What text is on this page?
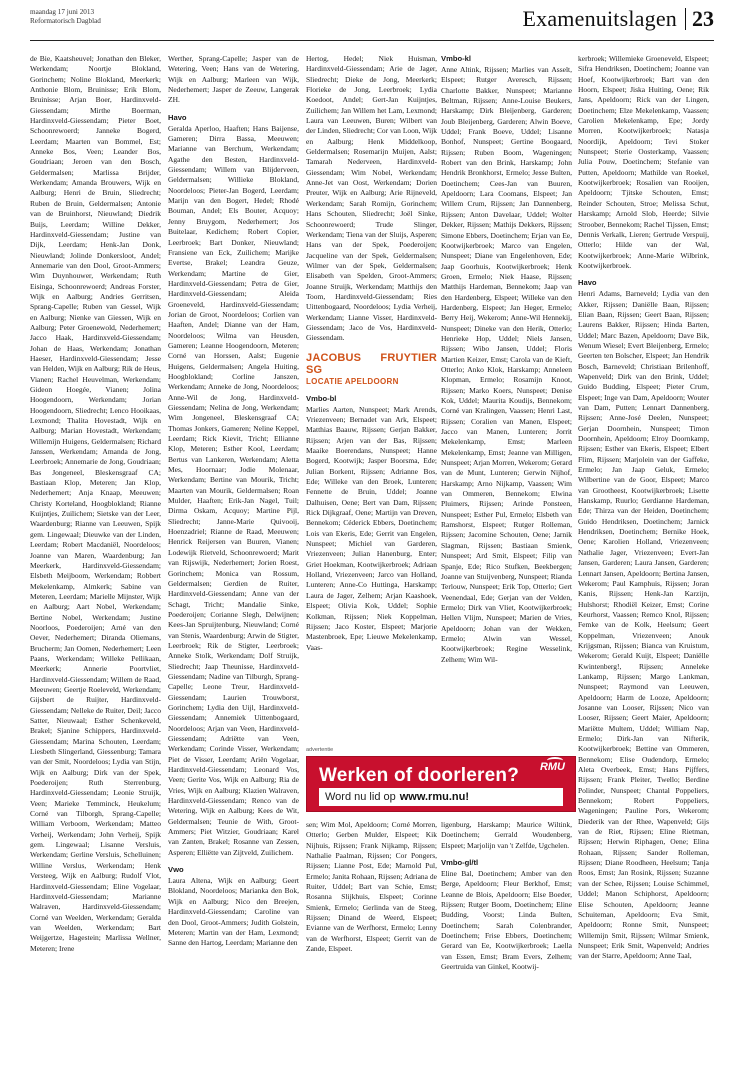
maandag 17 juni 2013
Reformatorisch Dagblad	Examenuitslagen 23

de Bie, Kaatsheuvel; Jonathan den Bleker, Werkendam; Noortje Blokland, Gorinchem; Noline Blokland, Meerkerk; Anthonie Blom, Bruinisse; Erik Blom, Bruinisse; Arjan Boer, Hardinxveld-Giessendam; Mirthe Boerman, Hardinxveld-Giessendam; Pieter Boet, Schoonrewoerd; Janneke Bogerd, Leerdam; Maarten van Bommel, Est; Anneke Bos, Veen; Leander Bos, Goudriaan; Jeroen van den Bosch, Geldermalsen; Marlissa Brijder, Werkendam; Amanda Brouwers, Wijk en Aalburg; Henri de Bruin, Sliedrecht; Ruben de Bruin, Geldermalsen; Antonie van de Bruinhorst, Nieuwland; Diedrik Buijs, Leerdam; Willine Dekker, Hardinxveld-Giessendam; Justine van Dijk, Leerdam; Henk-Jan Donk, Nieuwland; Jolinde Donkersloot, Andel; Annemarie van den Dool, Groot-Ammers; Wim Duynhouwer, Werkendam; Ruth Eisinga, Schoonrewoerd; Andreas Forster, Wijk en Aalburg; Andries Gerritsen, Sprang-Capelle; Ruben van Gessel, Wijk en Aalburg; Nienke van Giessen, Wijk en Aalburg; Peter Groenewold, Nederhemert; Jacco Haak, Hardinxveld-Giessendam; Johan de Haas, Werkendam; Jonathan Haeser, Hardinxveld-Giessendam; Jesse van Helden, Wijk en Aalburg; Rik de Heus, Vianen; Rachel Heuvelman, Werkendam; Gideon Hoegée, Vianen; Jolina Hoogendoorn, Werkendam; Jorian Hoogendoorn, Sliedrecht; Lenco Hooikaas, Lexmond; Thalita Hovestadt, Wijk en Aalburg; Marian Hovestadt, Werkendam; Willemijn Huigens, Geldermalsen; Richard Janssen, Werkendam; Amanda de Jong, Leerbroek; Annemarie de Jong, Goudriaan; Bas Jongeneel, Bleskensgraaf CA; Bastiaan Klop, Meteren; Jan Klop, Nederhemert; Anja Knaap, Meeuwen; Christy Korteland, Hoogblokland; Rianne Kuijntjes, Zuilichem; Sietske van der Leer, Waardenburg; Rianne van Leeuwen, Spijk gem. Lingewaal; Dieuwke van der Linden, Leerdam; Robert Macdaniël, Noordeloos; Joanne van Maren, Waardenburg; Jan Meerkerk, Hardinxveld-Giessendam; Elsbeth Meijboom, Werkendam; Robbert Mekelenkamp, Almkerk; Sabine van Meteren, Leerdam; Marielle Mijnster, Wijk en Aalburg; Aart Nobel, Werkendam; Bertine Nobel, Werkendam; Justine Noorloos, Poederoijen; Arné van den Oever, Nederhemert; Diranda Oliemans, Brucherm; Jan Oomen, Nederhemert; Leen Paans, Werkendam; Willeke Pellikaan, Meerkerk; Annerie Poortvliet, Hardinxveld-Giessendam; Willem de Raad, Meeuwen; Geertje Roeleveld, Werkendam; Gijsbert de Ruijter, Hardinxveld-Giessendam; Nelleke de Ruiter, Deil; Jacco Satter, Nieuwaal; Esther Schenkeveld, Brakel; Sjanine Schippers, Hardinxveld-Giessendam; Marina Schouten, Leerdam; Liesbeth Slingerland, Giessenburg; Tamara van der Smit, Noordeloos; Lydia van Stijn, Wijk en Aalburg; Dirk van der Spek, Poederoijen; Ruth Sterrenburg, Hardinxveld-Giessendam; Leonie Struijk, Veen; Marieke Temminck, Heukelum; Corné van Tilborgh, Sprang-Capelle; William Verboom, Werkendam; Matteo Verheij, Werkendam; John Verheij, Spijk gem. Lingewaal; Lisanne Versluis, Werkendam; Gerline Versluis, Schelluinen; Willine Verslus, Werkendam; Henk Versteeg, Wijk en Aalburg; Rudolf Vlot, Hardinxveld-Giessendam; Eline Vogelaar, Hardinxveld-Giessendam; Marianne Walraven, Hardinxveld-Giessendam; Corné van Weelden, Werkendam; Geralda van Weelden, Werkendam; Bart Weijgertze, Hagestein; Marlissa Wellner, Meteren; Irene

Werther, Sprang-Capelle; Jasper van de Wetering, Veen; Hans van de Wetering, Wijk en Aalburg; Marleen van Wijk, Nederhemert; Jasper de Zeeuw, Langerak ZH.

Havo

Geralda Aperloo, Haaften; Hans Baijense, Gameren; Dirra Bassa, Meeuwen; Marianne van Berchum, Werkendam; Agathe den Besten, Hardinxveld-Giessendam; Willem van Blijderveen, Geldermalsen; Willieke Blokland, Noordeloos; Pieter-Jan Bogerd, Leerdam; Marijn van den Bogert, Hedel; Rhodé Bouman, Andel; Els Bouter, Acquoy; Jenny Bruygom, Nederhemert; Jos Buitelaar, Kedichem; Robert Copier, Leerbroek; Bart Donker, Nieuwland; Fransiene van Eck, Zuilichem; Marijke Evertse, Brakel; Leandra Geuze, Werkendam; Martine de Gier, Hardinxveld-Giessendam; Petra de Gier, Hardinxveld-Giessendam; Aleida Groeneveld, Hardinxveld-Giessendam; Jorian de Groot, Noordeloos; Corlien van Haaften, Andel; Dianne van der Ham, Noordeloos; Wilma van Heusden, Gameren; Leanne Hoogendoorn, Meteren; Corné van Horssen, Aalst; Eugenie Huigens, Geldermalsen; Angela Huiting, Hoogblokland; Corline Janszen, Werkendam; Anneke de Jong, Noordeloos; Anne-Wil de Jong, Hardinxveld-Giessendam; Nelina de Jong, Werkendam; Wim Jongeneel, Bleskensgraaf CA; Thomas Jonkers, Gameren; Neline Keppel, Leerdam; Rick Kievit, Tricht; Ellianne Klop, Meteren; Esther Kool, Leerdam; Bertus van Lankeren, Werkendam; Aletta Mes, Hoornaar; Jodie Molenaar, Werkendam; Bertine van Mourik, Tricht; Maarten van Mourik, Geldermalsen; Roan Mulder, Haaften; Erik-Jan Nagel, Tuil; Dirma Oskam, Acquoy; Martine Pijl, Sliedrecht; Janne-Marie Quivooij, Hoenzadriel; Rianne de Raad, Meeuwen; Henrick Reijersen van Buuren, Vianen; Lodewijk Rietveld, Schoonrewoerd; Marit van Rijswijk, Nederhemert; Jorien Roest, Gorinchem; Monica van Rossum, Geldermalsen; Gerdien de Ruiter, Hardinxveld-Giessendam; Anne van der Schagt, Tricht; Mandalie Sinke, Poederoijen; Corianne Slegh, Delwijnen; Kees-Jan Spruijtenburg, Nieuwland; Corné van Stenis, Waardenburg; Arwin de Stigter, Leerbroek; Rik de Stigter, Leerbroek; Anneke Stolk, Werkendam; Dolf Struijk, Sliedrecht; Jaap Theunisse, Hardinxveld-Giessendam; Nadine van Tilburgh, Sprang-Capelle; Leone Treur, Hardinxveld-Giessendam; Laurien Trouwborst, Gorinchem; Lydia den Uijl, Hardinxveld-Giessendam; Annemiek Uittenbogaard, Noordeloos; Arjan van Veen, Hardinxveld-Giessendam; Adriëtte van Veen, Werkendam; Corinde Visser, Werkendam; Piet de Visser, Leerdam; Ariën Vogelaar, Hardinxveld-Giessendam; Leonard Vos, Veen; Gerite Vos, Wijk en Aalburg; Ria de Vries, Wijk en Aalburg; Klazien Walraven, Hardinxveld-Giessendam; Renco van de Wetering, Wijk en Aalburg; Kees de Wit, Geldermalsen; Teunie de With, Groot-Ammers; Piet Witzier, Goudriaan; Karel van Zanten, Brakel; Rosanne van Zessen, Asperen; Elliëtte van Zijtveld, Zuilichem.

Vwo

Laura Altena, Wijk en Aalburg; Geert Blokland, Noordeloos; Marianka den Bok, Wijk en Aalburg; Nico den Breejen, Hardinxveld-Giessendam; Caroline van den Dool, Groot-Ammers; Judith Golstein, Meteren; Martin van der Ham, Lexmond; Sanne den Hartog, Leerdam; Marianne den

Hertog, Hedel; Niek Huisman, Hardinxveld-Giessendam; Arie de Jager, Sliedrecht; Dieke de Jong, Meerkerk; Florieke de Jong, Leerbroek; Lydia Koedoot, Andel; Gert-Jan Kuijntjes, Zuilichem; Jan Willem het Lam, Lexmond; Laura van Leeuwen, Buren; Wilbert van der Linden, Sliedrecht; Cor van Loon, Wijk en Aalburg; Henk Middelkoop, Geldermalsen; Rosemarijn Muijen, Aalst; Tamarah Nederveen, Hardinxveld-Giessendam; Wim Nobel, Werkendam; Anne-Jet van Oost, Werkendam; Dorien Preuter, Wijk en Aalburg; Arie Rijneveld, Werkendam; Sarah Romijn, Gorinchem; Hans Schouten, Sliedrecht; Joël Sinke, Schoonrewoerd; Trude Slinger, Werkendam; Tiena van der Sluijs, Asperen; Hans van der Spek, Poederoijen; Jacqueline van der Spek, Geldermalsen; Wilmer van der Spek, Geldermalsen; Elisabeth van Spelden, Groot-Ammers; Joanne Struijk, Werkendam; Matthijs den Toom, Hardinxveld-Giessendam; Ries Uittenbogaard, Noordeloos; Lydia Verheij, Werkendam; Lianne Visser, Hardinxveld-Giessendam; Jaco de Vos, Hardinxveld-Giessendam.

JACOBUS FRUYTIER SG
LOCATIE APELDOORN
Vmbo-bl

Marlies Aarten, Nunspeet; Mark Arends, Vriezenveen; Bernadet van Ark, Elspeet; Matthias Baauw, Rijssen; Gerjan Bakker, Rijssen; Arjen van der Bas, Rijssen; Maaike Boerendans, Nunspeet; Hanne Bogerd, Kootwijk; Jasper Boorsma, Ede; Julian Borkent, Rijssen; Adrianne Bos, Ede; Willeke van den Broek, Lunteren; Fennette de Bruin, Uddel; Joanne Dalhuisen, Oene; Bert van Dam, Rijssen; Rick Dijkgraaf, Oene; Martijn van Dreven, Bennekom; Céderick Ebbers, Doetinchem; Lois van Ekeris, Ede; Gerrit van Engelen, Nunspeet; Michiel van Garderen, Vriezenveen; Julian Hanenburg, Enter; Griet Hoekman, Kootwijkerbroek; Adriaan Holland, Vriezenveen; Jarco van Holland, Lunteren; Anne-Co Huttinga, Harskamp; Laura de Jager, Zelhem; Arjan Kaashoek, Elspeet; Olivia Kok, Uddel; Sophie Kolkman, Rijssen; Niek Koppelman, Rijssen; Jaco Koster, Elspeet; Marjorie Mastenbroek, Epe; Lieuwe Mekelenkamp, Vaas-

sen; Wim Mol, Apeldoorn; Corné Morren, Otterlo; Gerben Mulder, Elspeet; Kik Nijhuis, Rijssen; Frank Nijkamp, Rijssen; Nathalie Paalman, Rijssen; Cor Pongers, Rijssen; Lianne Post, Ede; Marnold Pul, Ermelo; Janita Rohaan, Rijssen; Adriana de Ruiter, Uddel; Bart van Schie, Emst; Rosanna Slijkhuis, Elspeet; Corinne Smienk, Ermelo; Gerlinda van de Steeg, Rijssen; Dinand de Weerd, Elspeet; Evianne van de Werfhorst, Ermelo; Lenny van de Werfhorst, Elspeet; Gerrit van de Zande, Elspeet.

Vmbo-kl

Anne Altink, Rijssen; Marlies van Asselt, Elspeet; Rutger Averesch, Rijssen; Charlotte Bakker, Nunspeet; Marianne Beltman, Rijssen; Anne-Louise Beukers, Harskamp; Dirk Bleijenberg, Garderen; Joub Bleijenberg, Garderen; Alwin Boeve, Uddel; Frank Boeve, Uddel; Lisanne Bonhof, Nunspeet; Gertine Boogaard, Rijssen; Ruben Boom, Wageningen; Robert van den Brink, Harskamp; John Hendrik Bronkhorst, Ermelo; Jesse Bulten, Doetinchem; Cees-Jan van Buuren, Apeldoorn; Lara Coomans, Elspeet; Jan Willem Crum, Rijssen; Jan Dannenberg, Rijssen; Anton Davelaar, Uddel; Wolter Dekker, Rijssen; Mathijs Dekkers, Rijssen; Simone Ebbers, Doetinchem; Erjan van Ee, Kootwijkerbroek; Marco van Engelen, Nunspeet; Diane van Engelenhoven, Ede; Jaap Goorhuis, Kootwijkerbroek; Henk Groen, Ermelo; Niek Haase, Rijssen; Matthijs Hardeman, Bennekom; Jaap van den Hardenberg, Elspeet; Willeke van den Hardenberg, Elspeet; Jan Heger, Ermelo; Berry Heij, Wekerom; Anne-Wil Hennekij, Nunspeet; Dineke van den Herik, Otterlo; Henrieke Hop, Uddel; Niels Jansen, Rijssen; Wibo Jansen, Uddel; Floris Martien Keizer, Emst; Carola van de Kieft, Otterlo; Anko Klok, Harskamp; Anneleen Klopman, Ermelo; Rosamijn Knoot, Rijssen; Marko Koers, Nunspeet; Denise Kok, Uddel; Maurita Koudijs, Bennekom; Corné van Kralingen, Vaassen; Henri Last, Rijssen; Coralien van Manen, Elspeet; Jacco van Manen, Lunteren; Jorrit Mekelenkamp, Emst; Marleen Mekelenkamp, Emst; Jeanne van Milligen, Nunspeet; Arjan Morren, Wekerom; Gerard van de Munt, Lunteren; Gerwin Nijhof, Harskamp; Arno Nijkamp, Vaassen; Wim van Ommeren, Bennekom; Elwina Pluimers, Rijssen; Arinde Ponsteen, Nunspeet; Esther Pul, Ermelo; Elsbeth van Ramshorst, Elspeet; Rutger Rolleman, Rijssen; Jacomine Schouten, Oene; Jarnik Slagman, Rijssen; Bastiaan Smienk, Nunspeet; Ard Smit, Elspeet; Filip van Spanje, Ede; Rico Stufken, Beekbergen; Joanne van Stuijvenberg, Nunspeet; Rianda Terlouw, Nunspeet; Erik Top, Otterlo; Gert Veenendaal, Ede; Gerjan van der Velden, Ermelo; Dirk van Vliet, Kootwijkerbroek; Hellen Vlijm, Nunspeet; Marien de Vries, Apeldoorn; Johan van der Wekken, Ermelo; Alwin van Wessel, Kootwijkerbroek; Regine Wesselink, Zelhem; Wim Wil-

ligenburg, Harskamp; Maurice Wiltink, Doetinchem; Gerrald Woudenberg, Elspeet; Marjolijn van 't Zelfde, Ugchelen.

Vmbo-gl/tl

Eline Bal, Doetinchem; Amber van den Berge, Apeldoorn; Fleur Berkhof, Emst; Leanne de Blois, Apeldoorn; Else Boeder, Rijssen; Rutger Boom, Doetinchem; Eline Budding, Voorst; Linda Bulten, Doetinchem; Sarah Colenbrander, Doetinchem; Frise Ebbers, Doetinchem; Gerard van Ee, Kootwijkerbroek; Laella van Essen, Emst; Bram Evers, Zelhem; Geertruida van Ginkel, Kootwij-

kerbroek; Willemieke Groeneveld, Elspeet; Sifra Hendriksen, Doetinchem; Joanne van Hoef, Kootwijkerbroek; Bart van den Hoorn, Elspeet; Jiska Huiting, Oene; Rik Jans, Apeldoorn; Rick van der Lingen, Doetinchem; Elze Mekelenkamp, Vaassen; Carolien Mekelenkamp, Epe; Jordy Morren, Kootwijkerbroek; Natasja Noordijk, Apeldoorn; Tevi Stoker Nunspeet; Sterie Oosterkamp, Vaassen; Julia Pouw, Doetinchem; Stefanie van Putten, Apeldoorn; Mathilde van Roekel, Kootwijkerbroek; Rosalien van Rooijen, Apeldoorn; Tjitske Schouten, Emst; Reinder Schouten, Stroe; Melissa Schut, Harskamp; Arnold Slob, Heerde; Silvie Stroober, Bennekom; Rachel Tijssen, Emst; Dennis Verkalk, Lieren; Gertrude Verspuij, Otterlo; Hilde van der Wal, Kootwijkerbroek; Anne-Marie Wilbrink, Kootwijkerbroek.

Havo

Henri Adams, Barneveld; Lydia van den Akker, Rijssen; Daniëlle Baan, Rijssen; Elian Baan, Rijssen; Geert Baan, Rijssen; Laurens Bakker, Rijssen; Hinda Barten, Uddel; Marc Bazen, Apeldoorn; Dave Bik, Wenum Wiesel; Evert Bleijenberg, Ermelo; Geerten ten Bolscher, Elspeet; Jan Hendrik Bosch, Barneveld; Christiaan Brilenhoff, Wapenveld; Dirk van den Brink, Uddel; Guido Budding, Elspeet; Pieter Crum, Elspeet; Inge van Dam, Apeldoorn; Wouter van Dam, Putten; Lennart Dannenberg, Rijssen; Anne-José Deelen, Nunspeet; Gerjan Doornhein, Nunspeet; Timon Doornhein, Apeldoorn; Elroy Doornkamp, Rijssen; Esther van Ekeris, Elspeet; Elbert Flim, Rijssen; Marjolein van der Gaffeke, Ermelo; Jan Jaap Geluk, Ermelo; Wilbertine van de Goor, Elspeet; Marco van Grootheest, Kootwijkerbroek; Lisette Hanskamp, Ruurlo; Gerdianne Hardeman, Ede; Thirza van der Heiden, Doetinchem; Guido Hendriksen, Doetinchem; Jarnick Hendriksen, Doetinchem; Bernike Hoek, Oene; Karolien Holland, Vriezenveen; Nathalie Jager, Vriezenveen; Evert-Jan Jansen, Garderen; Laura Jansen, Garderen; Lennart Jansen, Apeldoorn; Bertina Jansen, Wekerom; Paul Kamphuis, Rijssen; Joran Kanis, Rijssen; Henk-Jan Karzijn, Hulshorst; Rhodiël Keizer, Emst; Corine Keurhorst, Vaassen; Remco Knol, Rijssen; Femke van de Kolk, Heelsum; Geert Koppelman, Vriezenveen; Anouk Krijgsman, Rijssen; Bianca van Kruistum, Wekerom; Gerald Kuijt, Elspeet; Daniëlle Kwintenberg!, Rijssen; Anneleke Lankamp, Rijssen; Margo Lankman, Nunspeet; Raymond van Leeuwen, Apeldoorn; Harm de Looze, Apeldoorn; Josanne van Looser, Rijssen; Nico van Looser, Rijssen; Geert Maier, Apeldoorn; Mariëtte Multem, Uddel; William Nap, Ermelo; Dirk-Jan van Nifterik, Kootwijkerbroek; Bettine van Ommeren, Bennekom; Elise Oudendorp, Ermelo; Aleta Overbeek, Emst; Hans Pijffers, Rijssen; Frank Pleiter, Twello; Berdine Polinder, Nunspeet; Chantal Poppeliers, Bennekom; Robert Poppeliers, Wageningen; Pauline Pors, Wekerom; Diederik van der Rhee, Wapenveld; Gijs van de Riet, Rijssen; Eline Rietman, Rijssen; Herwin Riphagen, Oene; Elina Rohaan, Rijssen; Sander Rolleman, Rijssen; Diane Roodheen, Heelsum; Tanja Roos, Emst; Jan Rosink, Rijssen; Suzanne van der Schee, Rijssen; Louise Schimmel, Uddel; Manon Schiphorst, Apeldoorn; Elise Schouten, Apeldoorn; Jeanne Schuiteman, Apeldoorn; Eva Smit, Apeldoorn; Ronne Smit, Nunspeet; Willemijn Smit, Rijssen; Wilmar Smienk, Nunspeet; Erik Smit, Wapenveld; Andries van der Starre, Apeldoorn; Anne Taal,

advertentie
RMU
Werken of doorleren?
Word nu lid op www.rmu.nu!
